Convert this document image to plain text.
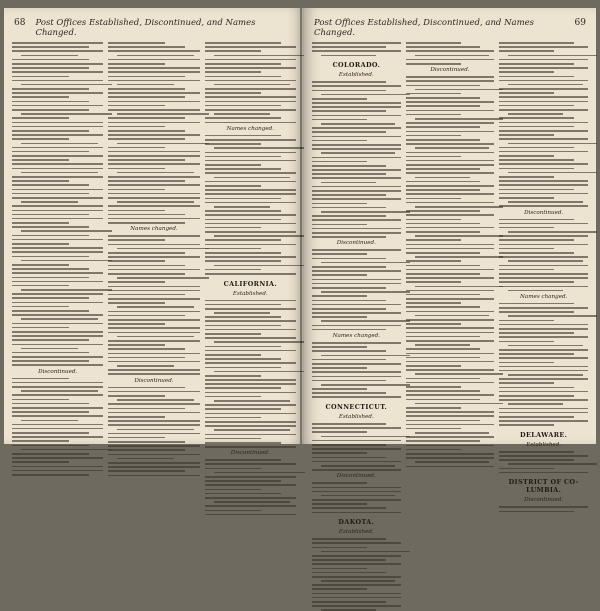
68 Post Offices Established, Discontinued, and Names Changed.
Discontinued.
Names changed.
Discontinued.
Names changed.
CALIFORNIA.
Established.
Discontinued.
Post Offices Established, Discontinued, and Names Changed.
69
COLORADO.
Established.
Discontinued.
Names changed.
CONNECTICUT.
Established.
Discontinued.
DAKOTA.
Established.
Discontinued.
Discontinued.
Names changed.
DELAWARE.
Established.
DISTRICT OF CO-LUMBIA.
Discontinued.
